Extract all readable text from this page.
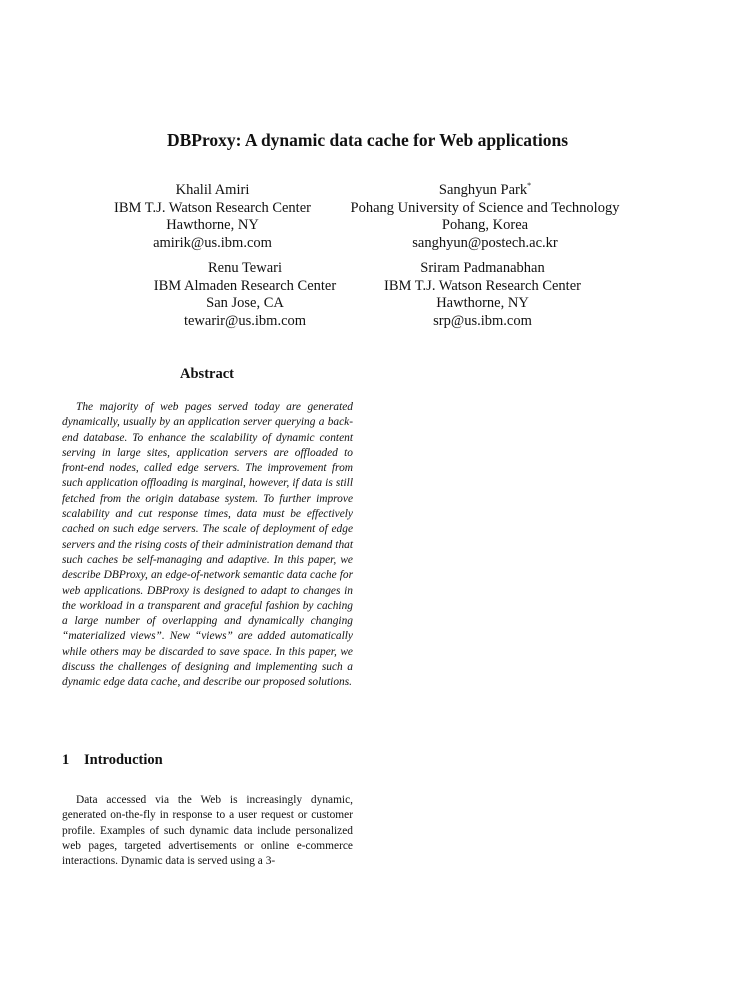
DBProxy: A dynamic data cache for Web applications
Khalil Amiri
IBM T.J. Watson Research Center
Hawthorne, NY
amirik@us.ibm.com
Sanghyun Park*
Pohang University of Science and Technology
Pohang, Korea
sanghyun@postech.ac.kr
Renu Tewari
IBM Almaden Research Center
San Jose, CA
tewarir@us.ibm.com
Sriram Padmanabhan
IBM T.J. Watson Research Center
Hawthorne, NY
srp@us.ibm.com
Abstract

The majority of web pages served today are generated dynamically, usually by an application server querying a back-end database. To enhance the scalability of dynamic content serving in large sites, application servers are offloaded to front-end nodes, called edge servers. The improvement from such application offloading is marginal, however, if data is still fetched from the origin database system. To further improve scalability and cut response times, data must be effectively cached on such edge servers. The scale of deployment of edge servers and the rising costs of their administration demand that such caches be self-managing and adaptive. In this paper, we describe DBProxy, an edge-of-network semantic data cache for web applications. DBProxy is designed to adapt to changes in the workload in a transparent and graceful fashion by caching a large number of overlapping and dynamically changing “materialized views”. New “views” are added automatically while others may be discarded to save space. In this paper, we discuss the challenges of designing and implementing such a dynamic edge data cache, and describe our proposed solutions.

1 Introduction

Data accessed via the Web is increasingly dynamic, generated on-the-fly in response to a user request or customer profile. Examples of such dynamic data include personalized web pages, targeted advertisements or online e-commerce interactions. Dynamic data is served using a 3-
